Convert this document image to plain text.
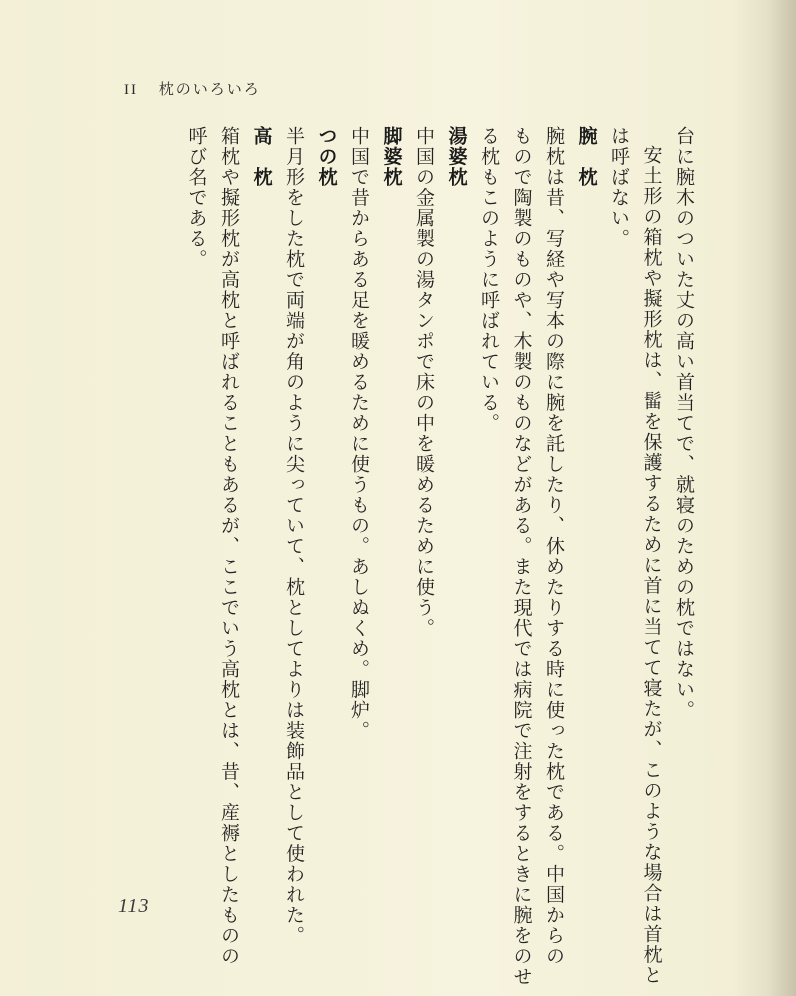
II 枕のいろいろ
台に腕木のついた丈の高い首当てで、就寝のための枕ではない。
安土形の箱枕や擬形枕は、髷を保護するために首に当てて寝たが、このような場合は首枕と
は呼ばない。
腕　枕
腕枕は昔、写経や写本の際に腕を託したり、休めたりする時に使った枕である。中国からの
もので陶製のものや、木製のものなどがある。また現代では病院で注射をするときに腕をのせ
る枕もこのように呼ばれている。
湯婆枕
中国の金属製の湯タンポで床の中を暖めるために使う。
脚婆枕
中国で昔からある足を暖めるために使うもの。あしぬくめ。脚炉。
つの枕
半月形をした枕で両端が角のように尖っていて、枕としてよりは装飾品として使われた。
高　枕
箱枕や擬形枕が高枕と呼ばれることもあるが、ここでいう高枕とは、昔、産褥としたものの
呼び名である。
113
